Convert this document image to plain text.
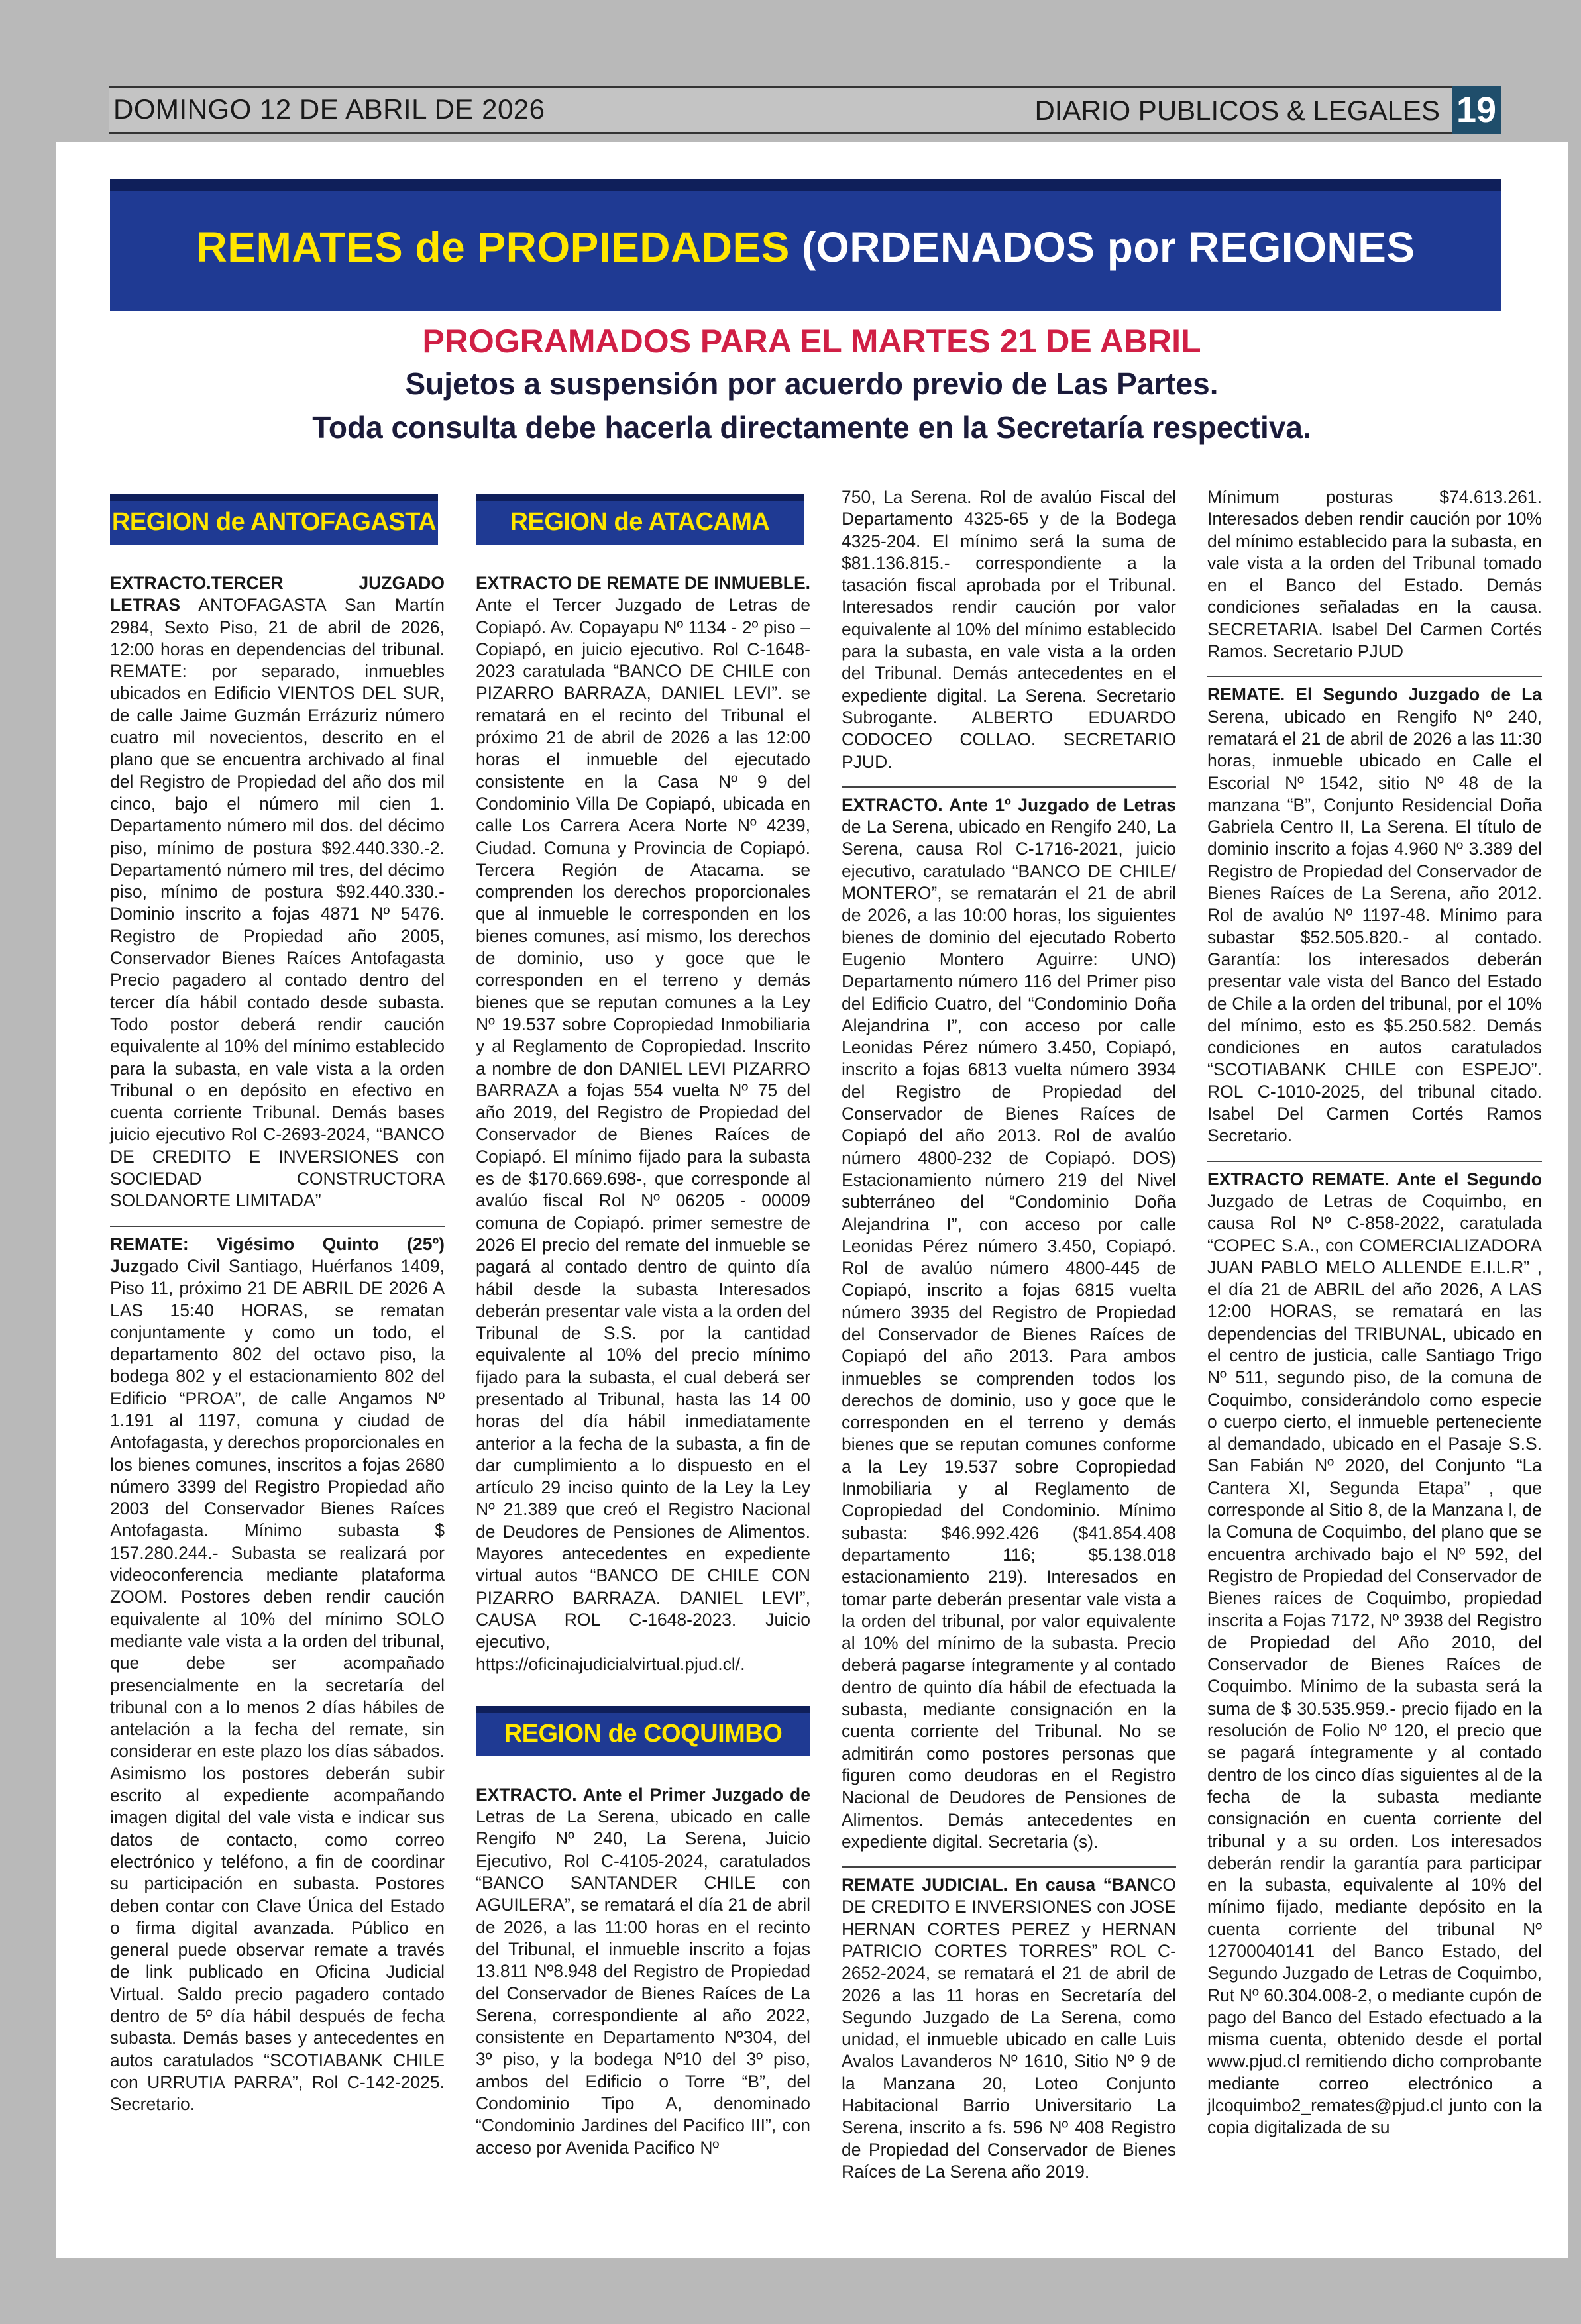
DOMINGO 12 DE ABRIL DE 2026	DIARIO PUBLICOS & LEGALES 19
REMATES de PROPIEDADES (ORDENADOS por REGIONES
PROGRAMADOS PARA EL MARTES 21 DE ABRIL
Sujetos a suspensión por acuerdo previo de Las Partes.
Toda consulta debe hacerla directamente en la Secretaría respectiva.
REGION de ANTOFAGASTA

EXTRACTO.TERCER JUZGADO LETRAS ANTOFAGASTA San Martín 2984, Sexto Piso, 21 de abril de 2026, 12:00 horas en dependencias del tribunal. REMATE: por separado, inmuebles ubicados en Edificio VIENTOS DEL SUR, de calle Jaime Guzmán Errázuriz número cuatro mil novecientos, descrito en el plano que se encuentra archivado al final del Registro de Propiedad del año dos mil cinco, bajo el número mil cien 1. Departamento número mil dos. del décimo piso, mínimo de postura $92.440.330.-2. Departamentó número mil tres, del décimo piso, mínimo de postura $92.440.330.- Dominio inscrito a fojas 4871 Nº 5476. Registro de Propiedad año 2005, Conservador Bienes Raíces Antofagasta Precio pagadero al contado dentro del tercer día hábil contado desde subasta. Todo postor deberá rendir caución equivalente al 10% del mínimo establecido para la subasta, en vale vista a la orden Tribunal o en depósito en efectivo en cuenta corriente Tribunal. Demás bases juicio ejecutivo Rol C-2693-2024, “BANCO DE CREDITO E INVERSIONES con SOCIEDAD CONSTRUCTORA SOLDANORTE LIMITADA”

REMATE: Vigésimo Quinto (25º) Juzgado Civil Santiago, Huérfanos 1409, Piso 11, próximo 21 DE ABRIL DE 2026 A LAS 15:40 HORAS, se rematan conjuntamente y como un todo, el departamento 802 del octavo piso, la bodega 802 y el estacionamiento 802 del Edificio “PROA”, de calle Angamos Nº 1.191 al 1197, comuna y ciudad de Antofagasta, y derechos proporcionales en los bienes comunes, inscritos a fojas 2680 número 3399 del Registro Propiedad año 2003 del Conservador Bienes Raíces Antofagasta. Mínimo subasta $ 157.280.244.- Subasta se realizará por videoconferencia mediante plataforma ZOOM. Postores deben rendir caución equivalente al 10% del mínimo SOLO mediante vale vista a la orden del tribunal, que debe ser acompañado presencialmente en la secretaría del tribunal con a lo menos 2 días hábiles de antelación a la fecha del remate, sin considerar en este plazo los días sábados. Asimismo los postores deberán subir escrito al expediente acompañando imagen digital del vale vista e indicar sus datos de contacto, como correo electrónico y teléfono, a fin de coordinar su participación en subasta. Postores deben contar con Clave Única del Estado o firma digital avanzada. Público en general puede observar remate a través de link publicado en Oficina Judicial Virtual. Saldo precio pagadero contado dentro de 5º día hábil después de fecha subasta. Demás bases y antecedentes en autos caratulados “SCOTIABANK CHILE con URRUTIA PARRA”, Rol C-142-2025. Secretario.

REGION de ATACAMA

EXTRACTO DE REMATE DE INMUEBLE. Ante el Tercer Juzgado de Letras de Copiapó. Av. Copayapu Nº 1134 - 2º piso – Copiapó, en juicio ejecutivo. Rol C-1648-2023 caratulada “BANCO DE CHILE con PIZARRO BARRAZA, DANIEL LEVI”. se rematará en el recinto del Tribunal el próximo 21 de abril de 2026 a las 12:00 horas el inmueble del ejecutado consistente en la Casa Nº 9 del Condominio Villa De Copiapó, ubicada en calle Los Carrera Acera Norte Nº 4239, Ciudad. Comuna y Provincia de Copiapó. Tercera Región de Atacama. se comprenden los derechos proporcionales que al inmueble le corresponden en los bienes comunes, así mismo, los derechos de dominio, uso y goce que le corresponden en el terreno y demás bienes que se reputan comunes a la Ley Nº 19.537 sobre Copropiedad Inmobiliaria y al Reglamento de Copropiedad. Inscrito a nombre de don DANIEL LEVI PIZARRO BARRAZA a fojas 554 vuelta Nº 75 del año 2019, del Registro de Propiedad del Conservador de Bienes Raíces de Copiapó. El mínimo fijado para la subasta es de $170.669.698-, que corresponde al avalúo fiscal Rol Nº 06205 - 00009 comuna de Copiapó. primer semestre de 2026 El precio del remate del inmueble se pagará al contado dentro de quinto día hábil desde la subasta Interesados deberán presentar vale vista a la orden del Tribunal de S.S. por la cantidad equivalente al 10% del precio mínimo fijado para la subasta, el cual deberá ser presentado al Tribunal, hasta las 14 00 horas del día hábil inmediatamente anterior a la fecha de la subasta, a fin de dar cumplimiento a lo dispuesto en el artículo 29 inciso quinto de la Ley la Ley Nº 21.389 que creó el Registro Nacional de Deudores de Pensiones de Alimentos. Mayores antecedentes en expediente virtual autos “BANCO DE CHILE CON PIZARRO BARRAZA. DANIEL LEVI”, CAUSA ROL C-1648-2023. Juicio ejecutivo, https://oficinajudicialvirtual.pjud.cl/.

REGION de COQUIMBO

EXTRACTO. Ante el Primer Juzgado de Letras de La Serena, ubicado en calle Rengifo Nº 240, La Serena, Juicio Ejecutivo, Rol C-4105-2024, caratulados “BANCO SANTANDER CHILE con AGUILERA”, se rematará el día 21 de abril de 2026, a las 11:00 horas en el recinto del Tribunal, el inmueble inscrito a fojas 13.811 Nº8.948 del Registro de Propiedad del Conservador de Bienes Raíces de La Serena, correspondiente al año 2022, consistente en Departamento Nº304, del 3º piso, y la bodega Nº10 del 3º piso, ambos del Edificio o Torre “B”, del Condominio Tipo A, denominado “Condominio Jardines del Pacifico III”, con acceso por Avenida Pacifico Nº

750, La Serena. Rol de avalúo Fiscal del Departamento 4325-65 y de la Bodega 4325-204. El mínimo será la suma de $81.136.815.- correspondiente a la tasación fiscal aprobada por el Tribunal. Interesados rendir caución por valor equivalente al 10% del mínimo establecido para la subasta, en vale vista a la orden del Tribunal. Demás antecedentes en el expediente digital. La Serena. Secretario Subrogante. ALBERTO EDUARDO CODOCEO COLLAO. SECRETARIO PJUD.

EXTRACTO. Ante 1º Juzgado de Letras de La Serena, ubicado en Rengifo 240, La Serena, causa Rol C-1716-2021, juicio ejecutivo, caratulado “BANCO DE CHILE/ MONTERO”, se rematarán el 21 de abril de 2026, a las 10:00 horas, los siguientes bienes de dominio del ejecutado Roberto Eugenio Montero Aguirre: UNO) Departamento número 116 del Primer piso del Edificio Cuatro, del “Condominio Doña Alejandrina I”, con acceso por calle Leonidas Pérez número 3.450, Copiapó, inscrito a fojas 6813 vuelta número 3934 del Registro de Propiedad del Conservador de Bienes Raíces de Copiapó del año 2013. Rol de avalúo número 4800-232 de Copiapó. DOS) Estacionamiento número 219 del Nivel subterráneo del “Condominio Doña Alejandrina I”, con acceso por calle Leonidas Pérez número 3.450, Copiapó. Rol de avalúo número 4800-445 de Copiapó, inscrito a fojas 6815 vuelta número 3935 del Registro de Propiedad del Conservador de Bienes Raíces de Copiapó del año 2013. Para ambos inmuebles se comprenden todos los derechos de dominio, uso y goce que le corresponden en el terreno y demás bienes que se reputan comunes conforme a la Ley 19.537 sobre Copropiedad Inmobiliaria y al Reglamento de Copropiedad del Condominio. Mínimo subasta: $46.992.426 ($41.854.408 departamento 116; $5.138.018 estacionamiento 219). Interesados en tomar parte deberán presentar vale vista a la orden del tribunal, por valor equivalente al 10% del mínimo de la subasta. Precio deberá pagarse íntegramente y al contado dentro de quinto día hábil de efectuada la subasta, mediante consignación en la cuenta corriente del Tribunal. No se admitirán como postores personas que figuren como deudoras en el Registro Nacional de Deudores de Pensiones de Alimentos. Demás antecedentes en expediente digital. Secretaria (s).

REMATE JUDICIAL. En causa “BANCO DE CREDITO E INVERSIONES con JOSE HERNAN CORTES PEREZ y HERNAN PATRICIO CORTES TORRES” ROL C-2652-2024, se rematará el 21 de abril de 2026 a las 11 horas en Secretaría del Segundo Juzgado de La Serena, como unidad, el inmueble ubicado en calle Luis Avalos Lavanderos Nº 1610, Sitio Nº 9 de la Manzana 20, Loteo Conjunto Habitacional Barrio Universitario La Serena, inscrito a fs. 596 Nº 408 Registro de Propiedad del Conservador de Bienes Raíces de La Serena año 2019.

Mínimum posturas $74.613.261. Interesados deben rendir caución por 10% del mínimo establecido para la subasta, en vale vista a la orden del Tribunal tomado en el Banco del Estado. Demás condiciones señaladas en la causa. SECRETARIA. Isabel Del Carmen Cortés Ramos. Secretario PJUD

REMATE. El Segundo Juzgado de La Serena, ubicado en Rengifo Nº 240, rematará el 21 de abril de 2026 a las 11:30 horas, inmueble ubicado en Calle el Escorial Nº 1542, sitio Nº 48 de la manzana “B”, Conjunto Residencial Doña Gabriela Centro II, La Serena. El título de dominio inscrito a fojas 4.960 Nº 3.389 del Registro de Propiedad del Conservador de Bienes Raíces de La Serena, año 2012. Rol de avalúo Nº 1197-48. Mínimo para subastar $52.505.820.- al contado. Garantía: los interesados deberán presentar vale vista del Banco del Estado de Chile a la orden del tribunal, por el 10% del mínimo, esto es $5.250.582. Demás condiciones en autos caratulados “SCOTIABANK CHILE con ESPEJO”. ROL C-1010-2025, del tribunal citado. Isabel Del Carmen Cortés Ramos Secretario.

EXTRACTO REMATE. Ante el Segundo Juzgado de Letras de Coquimbo, en causa Rol Nº C-858-2022, caratulada “COPEC S.A., con COMERCIALIZADORA JUAN PABLO MELO ALLENDE E.I.L.R” , el día 21 de ABRIL del año 2026, A LAS 12:00 HORAS, se rematará en las dependencias del TRIBUNAL, ubicado en el centro de justicia, calle Santiago Trigo Nº 511, segundo piso, de la comuna de Coquimbo, considerándolo como especie o cuerpo cierto, el inmueble perteneciente al demandado, ubicado en el Pasaje S.S. San Fabián Nº 2020, del Conjunto “La Cantera XI, Segunda Etapa” , que corresponde al Sitio 8, de la Manzana l, de la Comuna de Coquimbo, del plano que se encuentra archivado bajo el Nº 592, del Registro de Propiedad del Conservador de Bienes raíces de Coquimbo, propiedad inscrita a Fojas 7172, Nº 3938 del Registro de Propiedad del Año 2010, del Conservador de Bienes Raíces de Coquimbo. Mínimo de la subasta será la suma de $ 30.535.959.- precio fijado en la resolución de Folio Nº 120, el precio que se pagará íntegramente y al contado dentro de los cinco días siguientes al de la fecha de la subasta mediante consignación en cuenta corriente del tribunal y a su orden. Los interesados deberán rendir la garantía para participar en la subasta, equivalente al 10% del mínimo fijado, mediante depósito en la cuenta corriente del tribunal Nº 12700040141 del Banco Estado, del Segundo Juzgado de Letras de Coquimbo, Rut Nº 60.304.008-2, o mediante cupón de pago del Banco del Estado efectuado a la misma cuenta, obtenido desde el portal www.pjud.cl remitiendo dicho comprobante mediante correo electrónico a jlcoquimbo2_remates@pjud.cl junto con la copia digitalizada de su
